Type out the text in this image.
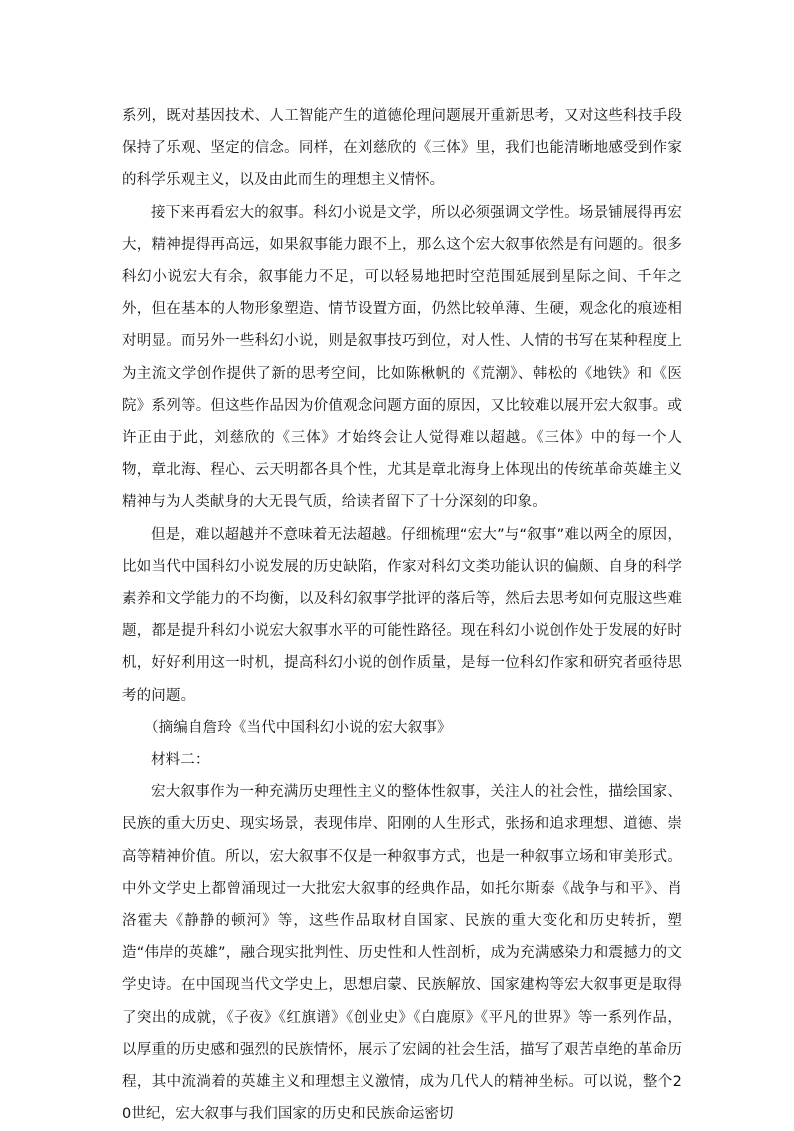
系列，既对基因技术、人工智能产生的道德伦理问题展开重新思考，又对这些科技手段保持了乐观、坚定的信念。同样，在刘慈欣的《三体》里，我们也能清晰地感受到作家的科学乐观主义，以及由此而生的理想主义情怀。

接下来再看宏大的叙事。科幻小说是文学，所以必须强调文学性。场景铺展得再宏大，精神提得再高远，如果叙事能力跟不上，那么这个宏大叙事依然是有问题的。很多科幻小说宏大有余，叙事能力不足，可以轻易地把时空范围延展到星际之间、千年之外，但在基本的人物形象塑造、情节设置方面，仍然比较单薄、生硬，观念化的痕迹相对明显。而另外一些科幻小说，则是叙事技巧到位，对人性、人情的书写在某种程度上为主流文学创作提供了新的思考空间，比如陈楸帆的《荒潮》、韩松的《地铁》和《医院》系列等。但这些作品因为价值观念问题方面的原因，又比较难以展开宏大叙事。或许正由于此，刘慈欣的《三体》才始终会让人觉得难以超越。《三体》中的每一个人物，章北海、程心、云天明都各具个性，尤其是章北海身上体现出的传统革命英雄主义精神与为人类献身的大无畏气质，给读者留下了十分深刻的印象。

但是，难以超越并不意味着无法超越。仔细梳理“宏大”与“叙事”难以两全的原因，比如当代中国科幻小说发展的历史缺陷，作家对科幻文类功能认识的偏颇、自身的科学素养和文学能力的不均衡，以及科幻叙事学批评的落后等，然后去思考如何克服这些难题，都是提升科幻小说宏大叙事水平的可能性路径。现在科幻小说创作处于发展的好时机，好好利用这一时机，提高科幻小说的创作质量，是每一位科幻作家和研究者亟待思考的问题。

（摘编自詹玲《当代中国科幻小说的宏大叙事》

材料二：

宏大叙事作为一种充满历史理性主义的整体性叙事，关注人的社会性，描绘国家、民族的重大历史、现实场景，表现伟岸、阳刚的人生形式，张扬和追求理想、道德、崇高等精神价值。所以，宏大叙事不仅是一种叙事方式，也是一种叙事立场和审美形式。中外文学史上都曾涌现过一大批宏大叙事的经典作品，如托尔斯泰《战争与和平》、肖洛霍夫《静静的顿河》等，这些作品取材自国家、民族的重大变化和历史转折，塑造“伟岸的英雄”，融合现实批判性、历史性和人性剖析，成为充满感染力和震撼力的文学史诗。在中国现当代文学史上，思想启蒙、民族解放、国家建构等宏大叙事更是取得了突出的成就，《子夜》《红旗谱》《创业史》《白鹿原》《平凡的世界》等一系列作品，以厚重的历史感和强烈的民族情怀，展示了宏阔的社会生活，描写了艰苦卓绝的革命历程，其中流淌着的英雄主义和理想主义激情，成为几代人的精神坐标。可以说，整个20世纪，宏大叙事与我们国家的历史和民族命运密切
